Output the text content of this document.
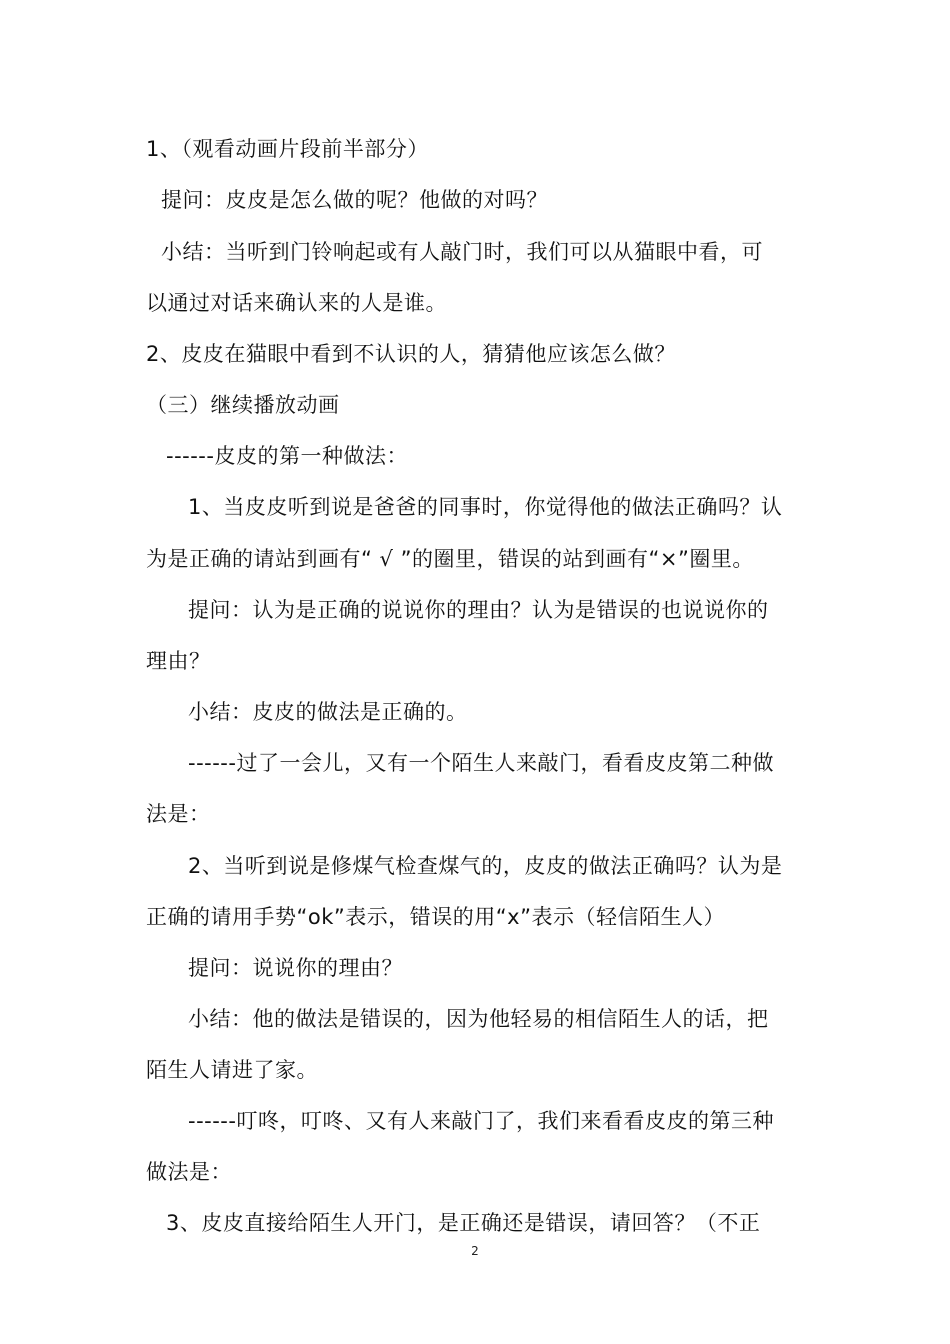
1、（观看动画片段前半部分）
提问：皮皮是怎么做的呢？他做的对吗？
小结：当听到门铃响起或有人敲门时，我们可以从猫眼中看，可
以通过对话来确认来的人是谁。
2、皮皮在猫眼中看到不认识的人，猜猜他应该怎么做？
（三）继续播放动画
------皮皮的第一种做法：
1、当皮皮听到说是爸爸的同事时，你觉得他的做法正确吗？认
为是正确的请站到画有“ √ ”的圈里，错误的站到画有“×”圈里。
提问：认为是正确的说说你的理由？认为是错误的也说说你的
理由？
小结：皮皮的做法是正确的。
------过了一会儿，又有一个陌生人来敲门，看看皮皮第二种做
法是：
2、当听到说是修煤气检查煤气的，皮皮的做法正确吗？认为是
正确的请用手势“ok”表示，错误的用“x”表示（轻信陌生人）
提问：说说你的理由？
小结：他的做法是错误的，因为他轻易的相信陌生人的话，把
陌生人请进了家。
------叮咚，叮咚、又有人来敲门了，我们来看看皮皮的第三种
做法是：
3、皮皮直接给陌生人开门，是正确还是错误，请回答？（不正
2
